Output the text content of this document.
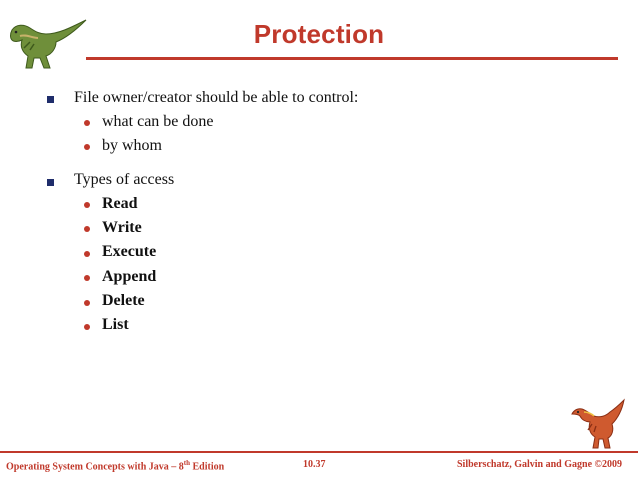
Protection
File owner/creator should be able to control:
what can be done
by whom
Types of access
Read
Write
Execute
Append
Delete
List
Operating System Concepts with Java – 8th Edition	10.37	Silberschatz, Galvin and Gagne ©2009
